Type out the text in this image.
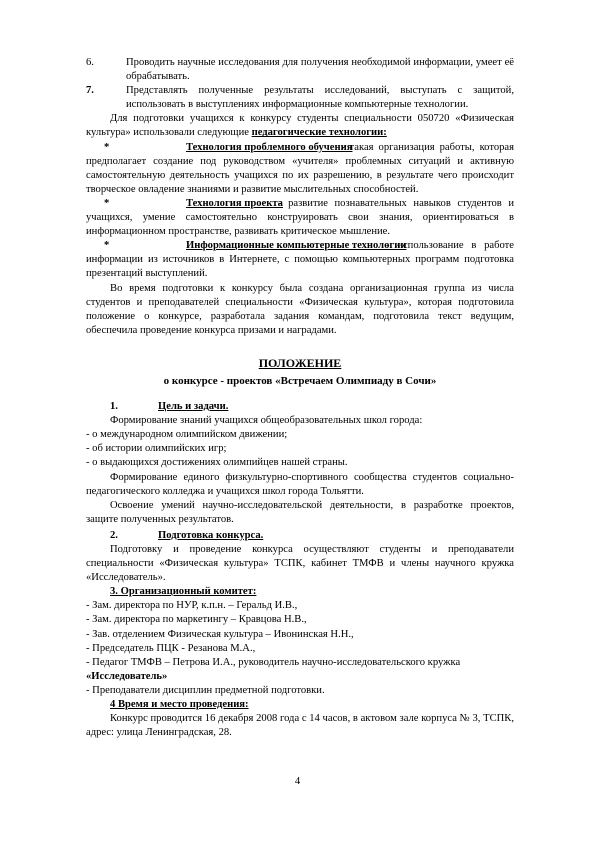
6.	Проводить научные исследования для получения необходимой информации, умеет её обрабатывать.

7.	Представлять полученные результаты исследований, выступать с защитой, использовать в выступлениях информационные компьютерные технологии.

Для подготовки учащихся к конкурсу студенты специальности 050720 «Физическая культура» использовали следующие педагогические технологии:

*	Технология проблемного обучения

- такая организация работы, которая предполагает создание под руководством «учителя» проблемных ситуаций и активную самостоятельную деятельность учащихся по их разрешению, в результате чего происходит творческое овладение знаниями и развитие мыслительных способностей.

*	Технология проекта

- развитие познавательных навыков студентов и учащихся, умение самостоятельно конструировать свои знания, ориентироваться в информационном пространстве, развивать критическое мышление.

*	Информационные компьютерные технологии

- использование в работе информации из источников в Интернете, с помощью компьютерных программ подготовка презентаций выступлений.

Во время подготовки к конкурсу была создана организационная группа из числа студентов и преподавателей специальности «Физическая культура», которая подготовила положение о конкурсе, разработала задания командам, подготовила текст ведущим, обеспечила проведение конкурса призами и наградами.

ПОЛОЖЕНИЕ
о конкурсе - проектов «Встречаем Олимпиаду в Сочи»
1.	Цель и задачи.

Формирование знаний учащихся общеобразовательных школ города:

- о международном олимпийском движении;

- об истории олимпийских игр;

- о выдающихся достижениях олимпийцев нашей страны.

Формирование единого физкультурно-спортивного сообщества студентов социально-педагогического колледжа и учащихся школ города Тольятти.

Освоение умений научно-исследовательской деятельности, в разработке проектов, защите полученных результатов.

2.	Подготовка конкурса.

Подготовку и проведение конкурса осуществляют студенты и преподаватели специальности «Физическая культура» ТСПК, кабинет ТМФВ и члены научного кружка «Исследователь».

3. Организационный комитет:

- Зам. директора по НУР, к.п.н. – Геральд И.В.,

- Зам. директора по маркетингу – Кравцова Н.В.,

- Зав. отделением Физическая культура – Ивонинская Н.Н.,

- Председатель ПЦК - Резанова М.А.,

- Педагог ТМФВ – Петрова И.А., руководитель научно-исследовательского кружка

«Исследователь»

- Преподаватели дисциплин предметной подготовки.

4 Время и место проведения:

Конкурс проводится 16 декабря 2008 года с 14 часов, в актовом зале корпуса № 3, ТСПК, адрес: улица Ленинградская, 28.

4
